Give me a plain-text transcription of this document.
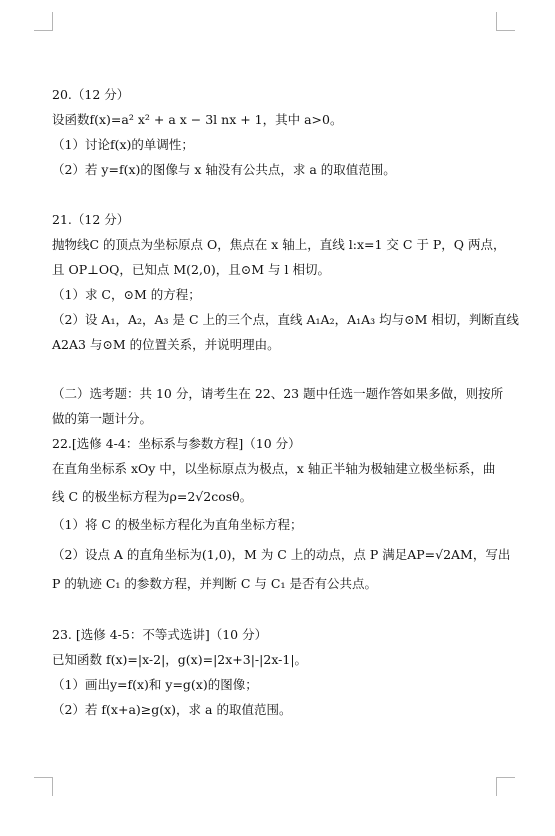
20.（12 分）
设函数f(x)=a² x² + a x − 3l nx + 1，其中 a>0。
（1）讨论f(x)的单调性；
（2）若 y=f(x)的图像与 x 轴没有公共点，求 a 的取值范围。
21.（12 分）
抛物线C 的顶点为坐标原点 O，焦点在 x 轴上，直线 l:x=1 交 C 于 P，Q 两点，
且 OP⊥OQ，已知点 M(2,0)，且⊙M 与 l 相切。
（1）求 C，⊙M 的方程；
（2）设 A₁，A₂，A₃ 是 C 上的三个点，直线 A₁A₂，A₁A₃ 均与⊙M 相切，判断直线
A2A3 与⊙M 的位置关系，并说明理由。
（二）选考题：共 10 分，请考生在 22、23 题中任选一题作答如果多做，则按所
做的第一题计分。
22.[选修 4-4：坐标系与参数方程]（10 分）
在直角坐标系 xOy 中，以坐标原点为极点，x 轴正半轴为极轴建立极坐标系，曲
线 C 的极坐标方程为ρ=2√2cosθ。
（1）将 C 的极坐标方程化为直角坐标方程；
（2）设点 A 的直角坐标为(1,0)，M 为 C 上的动点，点 P 满足AP=√2AM，写出
P 的轨迹 C₁ 的参数方程，并判断 C 与 C₁ 是否有公共点。
23. [选修 4-5：不等式选讲]（10 分）
已知函数 f(x)=|x-2|，g(x)=|2x+3|-|2x-1|。
（1）画出y=f(x)和 y=g(x)的图像；
（2）若 f(x+a)≥g(x)，求 a 的取值范围。
